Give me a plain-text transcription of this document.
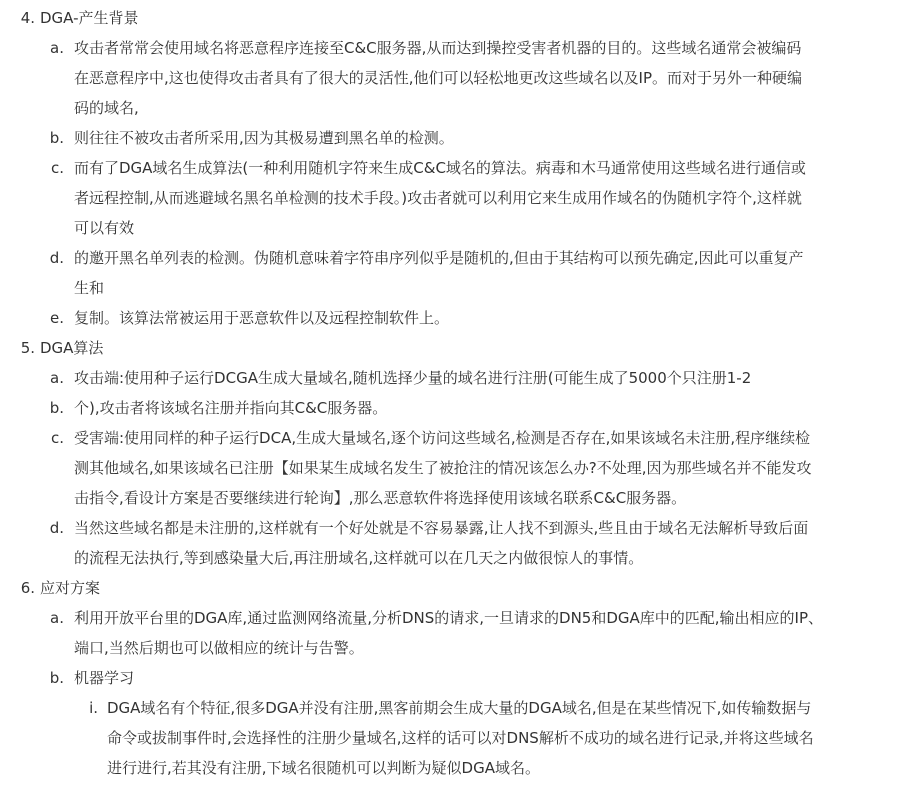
4. DGA-产生背景
a. 攻击者常常会使用域名将恶意程序连接至C&C服务器,从而达到操控受害者机器的目的。这些域名通常会被编码
在恶意程序中,这也使得攻击者具有了很大的灵活性,他们可以轻松地更改这些域名以及IP。而对于另外一种硬编
码的域名,
b. 则往往不被攻击者所采用,因为其极易遭到黑名单的检测。
c. 而有了DGA域名生成算法(一种利用随机字符来生成C&C域名的算法。病毒和木马通常使用这些域名进行通信或
者远程控制,从而逃避域名黑名单检测的技术手段。)攻击者就可以利用它来生成用作域名的伪随机字符个,这样就
可以有效
d. 的邀开黑名单列表的检测。伪随机意味着字符串序列似乎是随机的,但由于其结构可以预先确定,因此可以重复产
生和
e. 复制。该算法常被运用于恶意软件以及远程控制软件上。
5. DGA算法
a. 攻击端:使用种子运行DCGA生成大量域名,随机选择少量的域名进行注册(可能生成了5000个只注册1-2
b. 个),攻击者将该域名注册并指向其C&C服务器。
c. 受害端:使用同样的种子运行DCA,生成大量域名,逐个访问这些域名,检测是否存在,如果该域名未注册,程序继续检
测其他域名,如果该域名已注册【如果某生成域名发生了被抢注的情况该怎么办?不处理,因为那些域名并不能发攻
击指令,看设计方案是否要继续进行轮询】,那么恶意软件将选择使用该域名联系C&C服务器。
d. 当然这些域名都是未注册的,这样就有一个好处就是不容易暴露,让人找不到源头,些且由于域名无法解析导致后面
的流程无法执行,等到感染量大后,再注册域名,这样就可以在几天之内做很惊人的事情。
6. 应对方案
a. 利用开放平台里的DGA库,通过监测网络流量,分析DNS的请求,一旦请求的DN5和DGA库中的匹配,输出相应的IP、
端口,当然后期也可以做相应的统计与告警。
b. 机器学习
i. DGA域名有个特征,很多DGA并没有注册,黑客前期会生成大量的DGA域名,但是在某些情况下,如传输数据与
命令或拔制事件时,会选择性的注册少量域名,这样的话可以对DNS解析不成功的域名进行记录,并将这些域名
进行进行,若其没有注册,下域名很随机可以判断为疑似DGA域名。
